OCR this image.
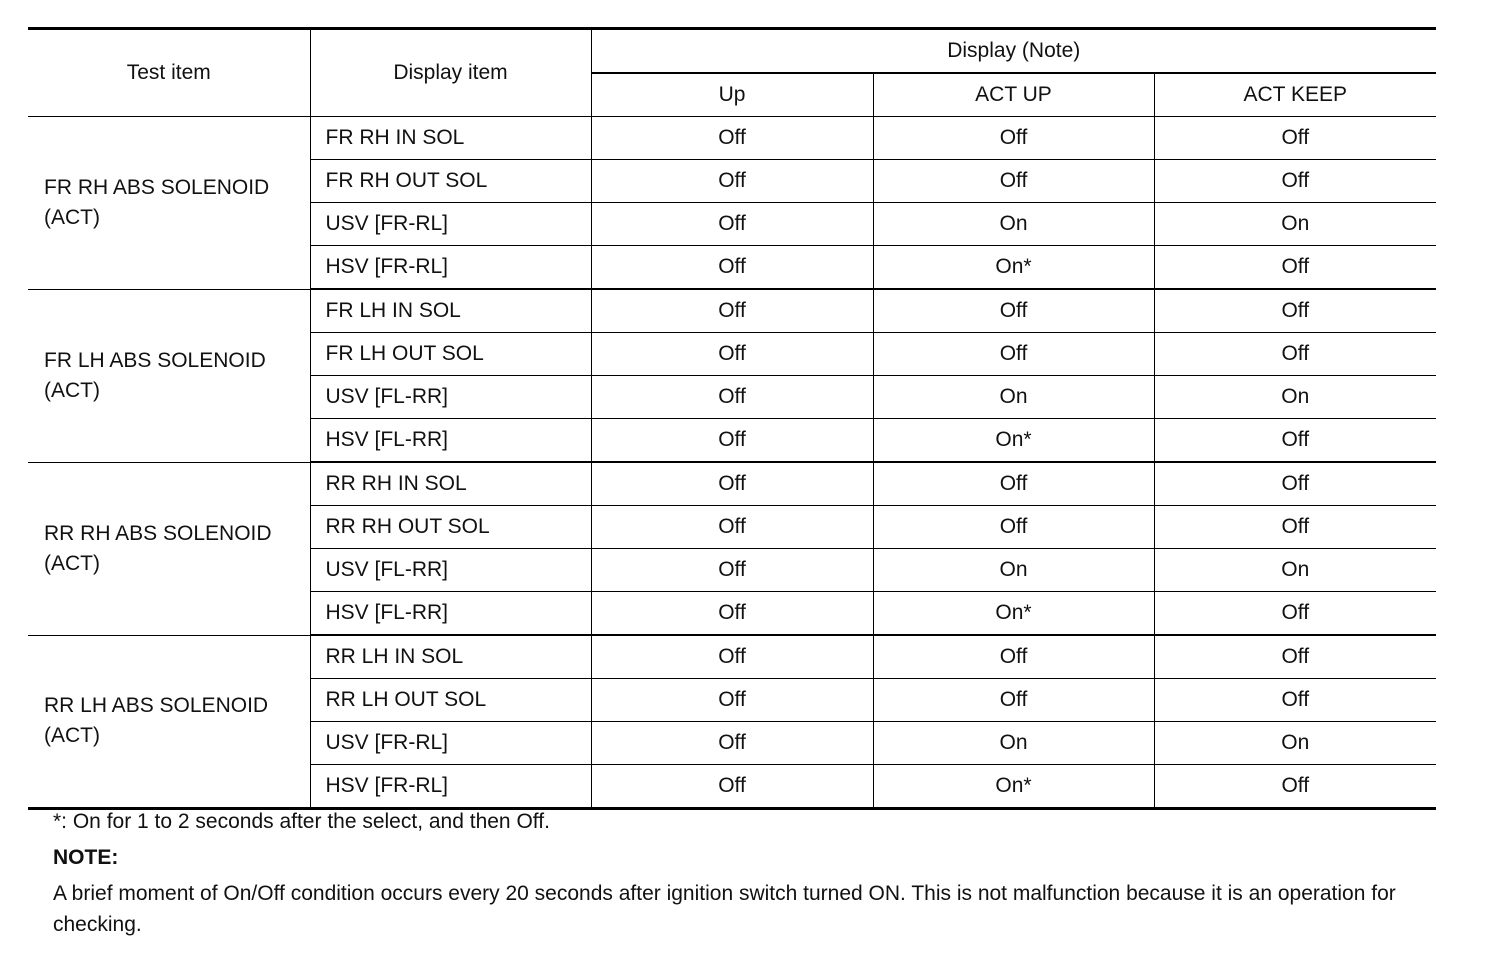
Test item	Display item	Display (Note)		
		Up	ACT UP	ACT KEEP

FR RH ABS SOLENOID
(ACT)	FR RH IN SOL	Off	Off	Off
	FR RH OUT SOL	Off	Off	Off
	USV [FR-RL]	Off	On	On
	HSV [FR-RL]	Off	On*	Off

FR LH ABS SOLENOID
(ACT)	FR LH IN SOL	Off	Off	Off
	FR LH OUT SOL	Off	Off	Off
	USV [FL-RR]	Off	On	On
	HSV [FL-RR]	Off	On*	Off

RR RH ABS SOLENOID
(ACT)	RR RH IN SOL	Off	Off	Off
	RR RH OUT SOL	Off	Off	Off
	USV [FL-RR]	Off	On	On
	HSV [FL-RR]	Off	On*	Off

RR LH ABS SOLENOID
(ACT)	RR LH IN SOL	Off	Off	Off
	RR LH OUT SOL	Off	Off	Off
	USV [FR-RL]	Off	On	On
	HSV [FR-RL]	Off	On*	Off

*: On for 1 to 2 seconds after the select, and then Off.

NOTE:

A brief moment of On/Off condition occurs every 20 seconds after ignition switch turned ON. This is not malfunction because it is an operation for checking.
